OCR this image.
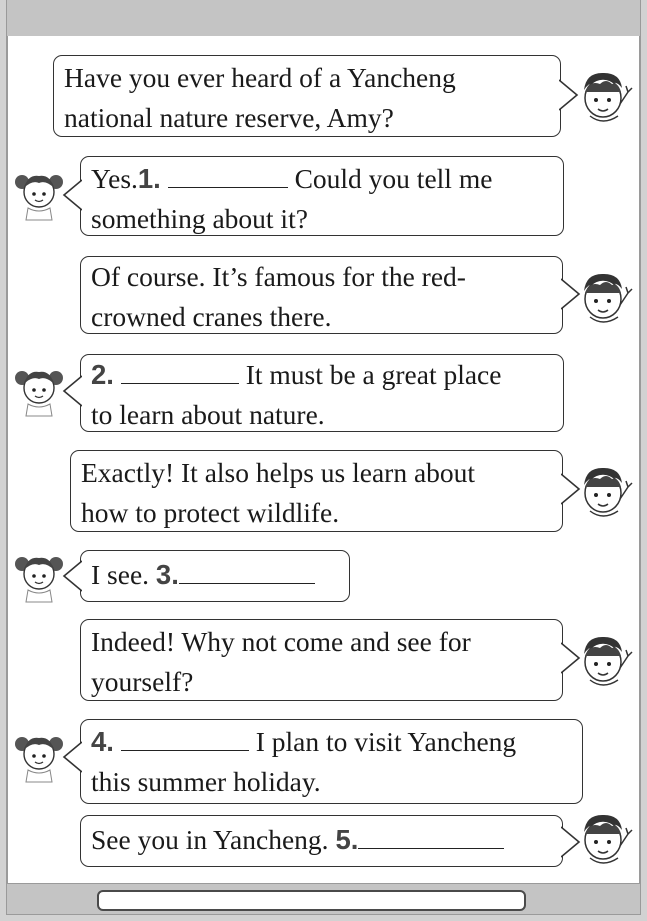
Have you ever heard of a Yancheng
national nature reserve, Amy?
Yes.1.	Could you tell me
something about it?
Of course. It’s famous for the red-
crowned cranes there.
2.	It must be a great place
to learn about nature.
Exactly! It also helps us learn about
how to protect wildlife.
I see. 3.
Indeed! Why not come and see for
yourself?
4.	I plan to visit Yancheng
this summer holiday.
See you in Yancheng. 5.
